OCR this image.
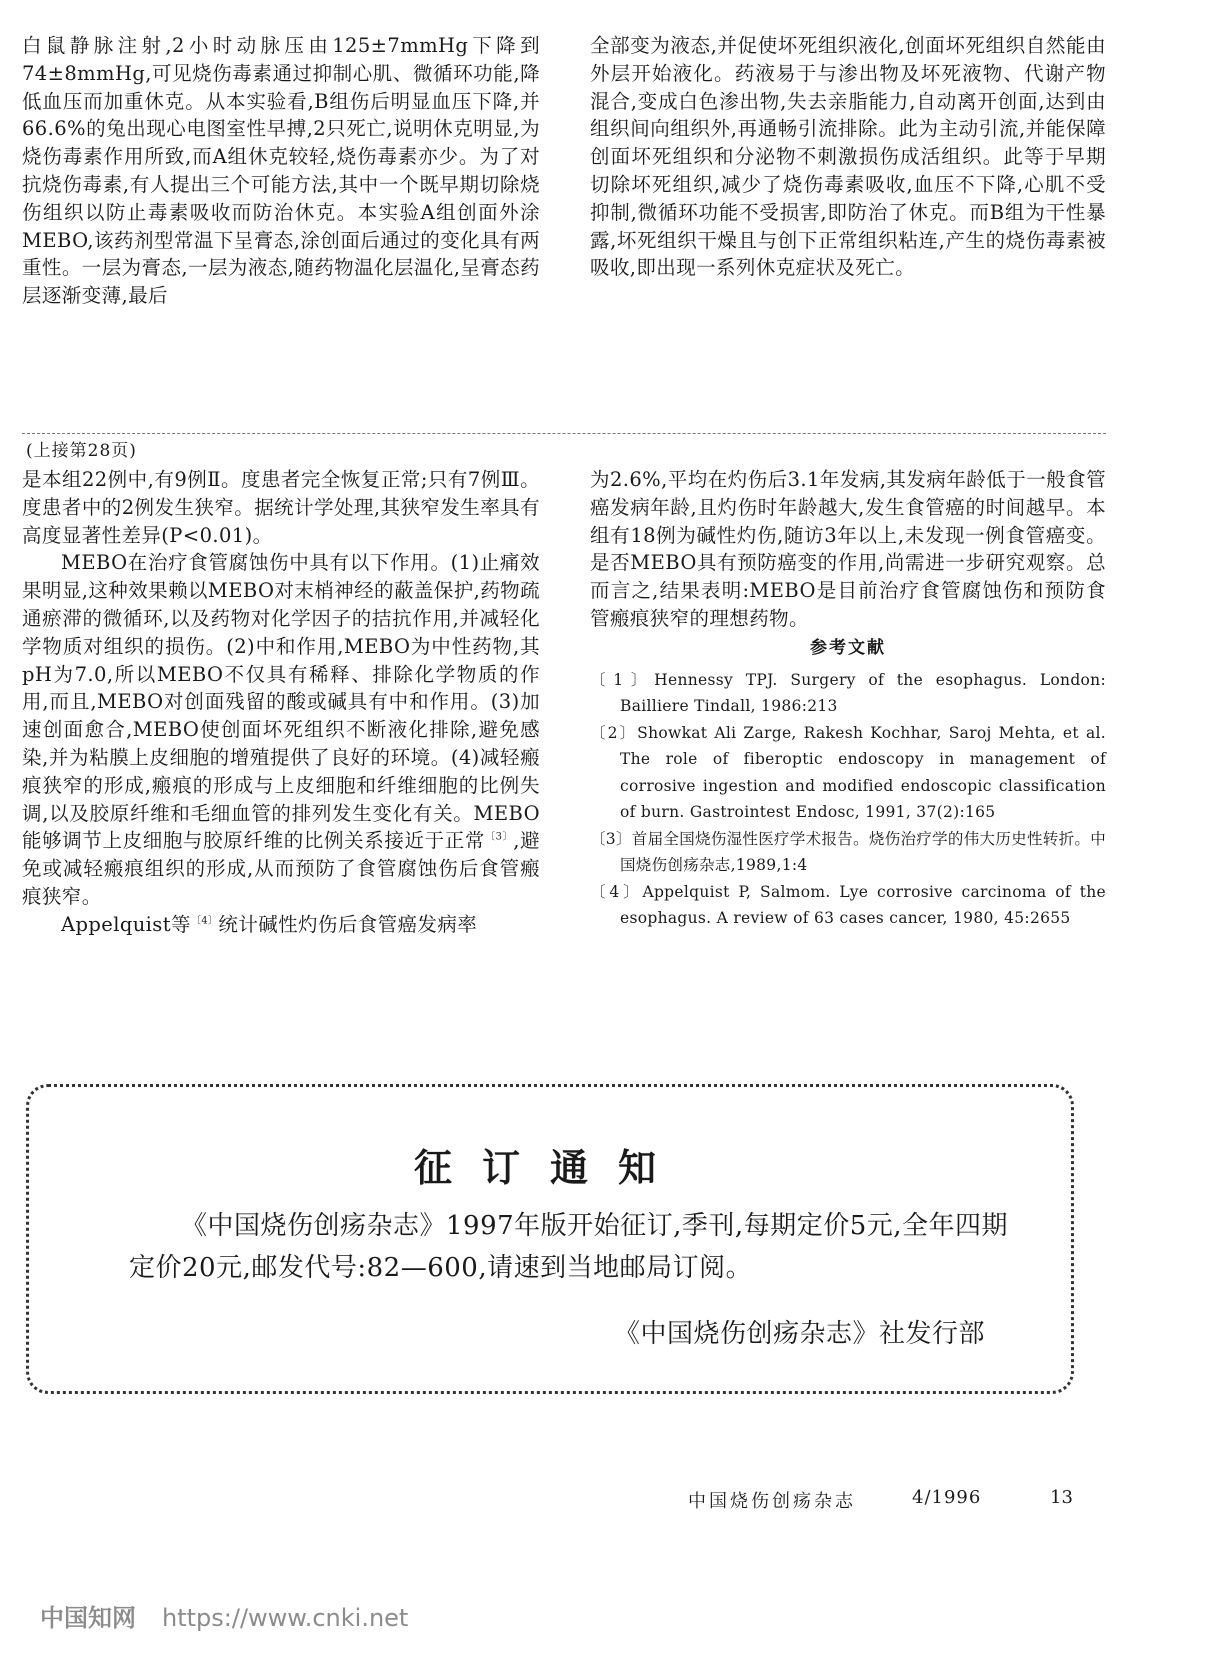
白鼠静脉注射,2小时动脉压由125±7mmHg下降到74±8mmHg,可见烧伤毒素通过抑制心肌、微循环功能,降低血压而加重休克。从本实验看,B组伤后明显血压下降,并66.6%的兔出现心电图室性早搏,2只死亡,说明休克明显,为烧伤毒素作用所致,而A组休克较轻,烧伤毒素亦少。为了对抗烧伤毒素,有人提出三个可能方法,其中一个既早期切除烧伤组织以防止毒素吸收而防治休克。本实验A组创面外涂MEBO,该药剂型常温下呈膏态,涂创面后通过的变化具有两重性。一层为膏态,一层为液态,随药物温化层温化,呈膏态药层逐渐变薄,最后

全部变为液态,并促使坏死组织液化,创面坏死组织自然能由外层开始液化。药液易于与渗出物及坏死液物、代谢产物混合,变成白色渗出物,失去亲脂能力,自动离开创面,达到由组织间向组织外,再通畅引流排除。此为主动引流,并能保障创面坏死组织和分泌物不刺激损伤成活组织。此等于早期切除坏死组织,减少了烧伤毒素吸收,血压不下降,心肌不受抑制,微循环功能不受损害,即防治了休克。而B组为干性暴露,坏死组织干燥且与创下正常组织粘连,产生的烧伤毒素被吸收,即出现一系列休克症状及死亡。

(上接第28页)

是本组22例中,有9例Ⅱ。度患者完全恢复正常;只有7例Ⅲ。度患者中的2例发生狭窄。据统计学处理,其狭窄发生率具有高度显著性差异(P<0.01)。

MEBO在治疗食管腐蚀伤中具有以下作用。(1)止痛效果明显,这种效果赖以MEBO对末梢神经的蔽盖保护,药物疏通瘀滞的微循环,以及药物对化学因子的拮抗作用,并减轻化学物质对组织的损伤。(2)中和作用,MEBO为中性药物,其pH为7.0,所以MEBO不仅具有稀释、排除化学物质的作用,而且,MEBO对创面残留的酸或碱具有中和作用。(3)加速创面愈合,MEBO使创面坏死组织不断液化排除,避免感染,并为粘膜上皮细胞的增殖提供了良好的环境。(4)减轻瘢痕狭窄的形成,瘢痕的形成与上皮细胞和纤维细胞的比例失调,以及胶原纤维和毛细血管的排列发生变化有关。MEBO能够调节上皮细胞与胶原纤维的比例关系接近于正常$^{〔3〕}$,避免或减轻瘢痕组织的形成,从而预防了食管腐蚀伤后食管瘢痕狭窄。

Appelquist等$^{〔4〕}$统计碱性灼伤后食管癌发病率

为2.6%,平均在灼伤后3.1年发病,其发病年龄低于一般食管癌发病年龄,且灼伤时年龄越大,发生食管癌的时间越早。本组有18例为碱性灼伤,随访3年以上,未发现一例食管癌变。是否MEBO具有预防癌变的作用,尚需进一步研究观察。总而言之,结果表明:MEBO是目前治疗食管腐蚀伤和预防食管瘢痕狭窄的理想药物。

参考文献
〔1〕Hennessy TPJ. Surgery of the esophagus. London: Bailliere Tindall, 1986:213
〔2〕Showkat Ali Zarge, Rakesh Kochhar, Saroj Mehta, et al. The role of fiberoptic endoscopy in management of corrosive ingestion and modified endoscopic classification of burn. Gastrointest Endosc, 1991, 37(2):165
〔3〕首届全国烧伤湿性医疗学术报告。烧伤治疗学的伟大历史性转折。中国烧伤创疡杂志,1989,1:4
〔4〕Appelquist P, Salmom. Lye corrosive carcinoma of the esophagus. A review of 63 cases cancer, 1980, 45:2655
征订通知
《中国烧伤创疡杂志》1997年版开始征订,季刊,每期定价5元,全年四期定价20元,邮发代号:82—600,请速到当地邮局订阅。
《中国烧伤创疡杂志》社发行部
中国烧伤创疡杂志	4/1996	13
中国知网 https://www.cnki.net
